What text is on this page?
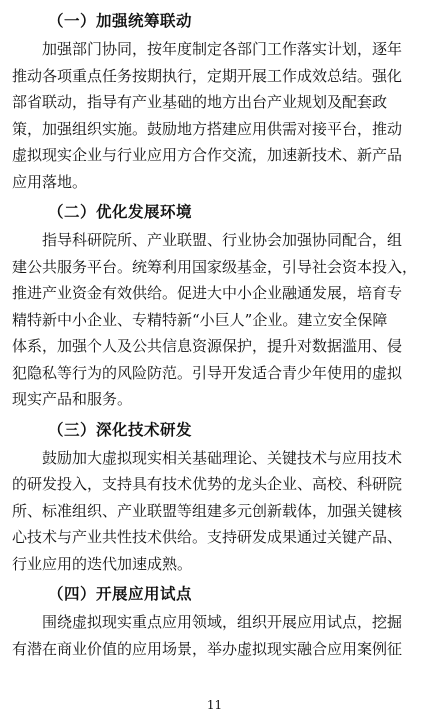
（一）加强统筹联动
加强部门协同，按年度制定各部门工作落实计划，逐年
推动各项重点任务按期执行，定期开展工作成效总结。强化
部省联动，指导有产业基础的地方出台产业规划及配套政
策，加强组织实施。鼓励地方搭建应用供需对接平台，推动
虚拟现实企业与行业应用方合作交流，加速新技术、新产品
应用落地。
（二）优化发展环境
指导科研院所、产业联盟、行业协会加强协同配合，组
建公共服务平台。统筹利用国家级基金，引导社会资本投入，
推进产业资金有效供给。促进大中小企业融通发展，培育专
精特新中小企业、专精特新“小巨人”企业。建立安全保障
体系，加强个人及公共信息资源保护，提升对数据滥用、侵
犯隐私等行为的风险防范。引导开发适合青少年使用的虚拟
现实产品和服务。
（三）深化技术研发
鼓励加大虚拟现实相关基础理论、关键技术与应用技术
的研发投入，支持具有技术优势的龙头企业、高校、科研院
所、标准组织、产业联盟等组建多元创新载体，加强关键核
心技术与产业共性技术供给。支持研发成果通过关键产品、
行业应用的迭代加速成熟。
（四）开展应用试点
围绕虚拟现实重点应用领域，组织开展应用试点，挖掘
有潜在商业价值的应用场景，举办虚拟现实融合应用案例征
11
